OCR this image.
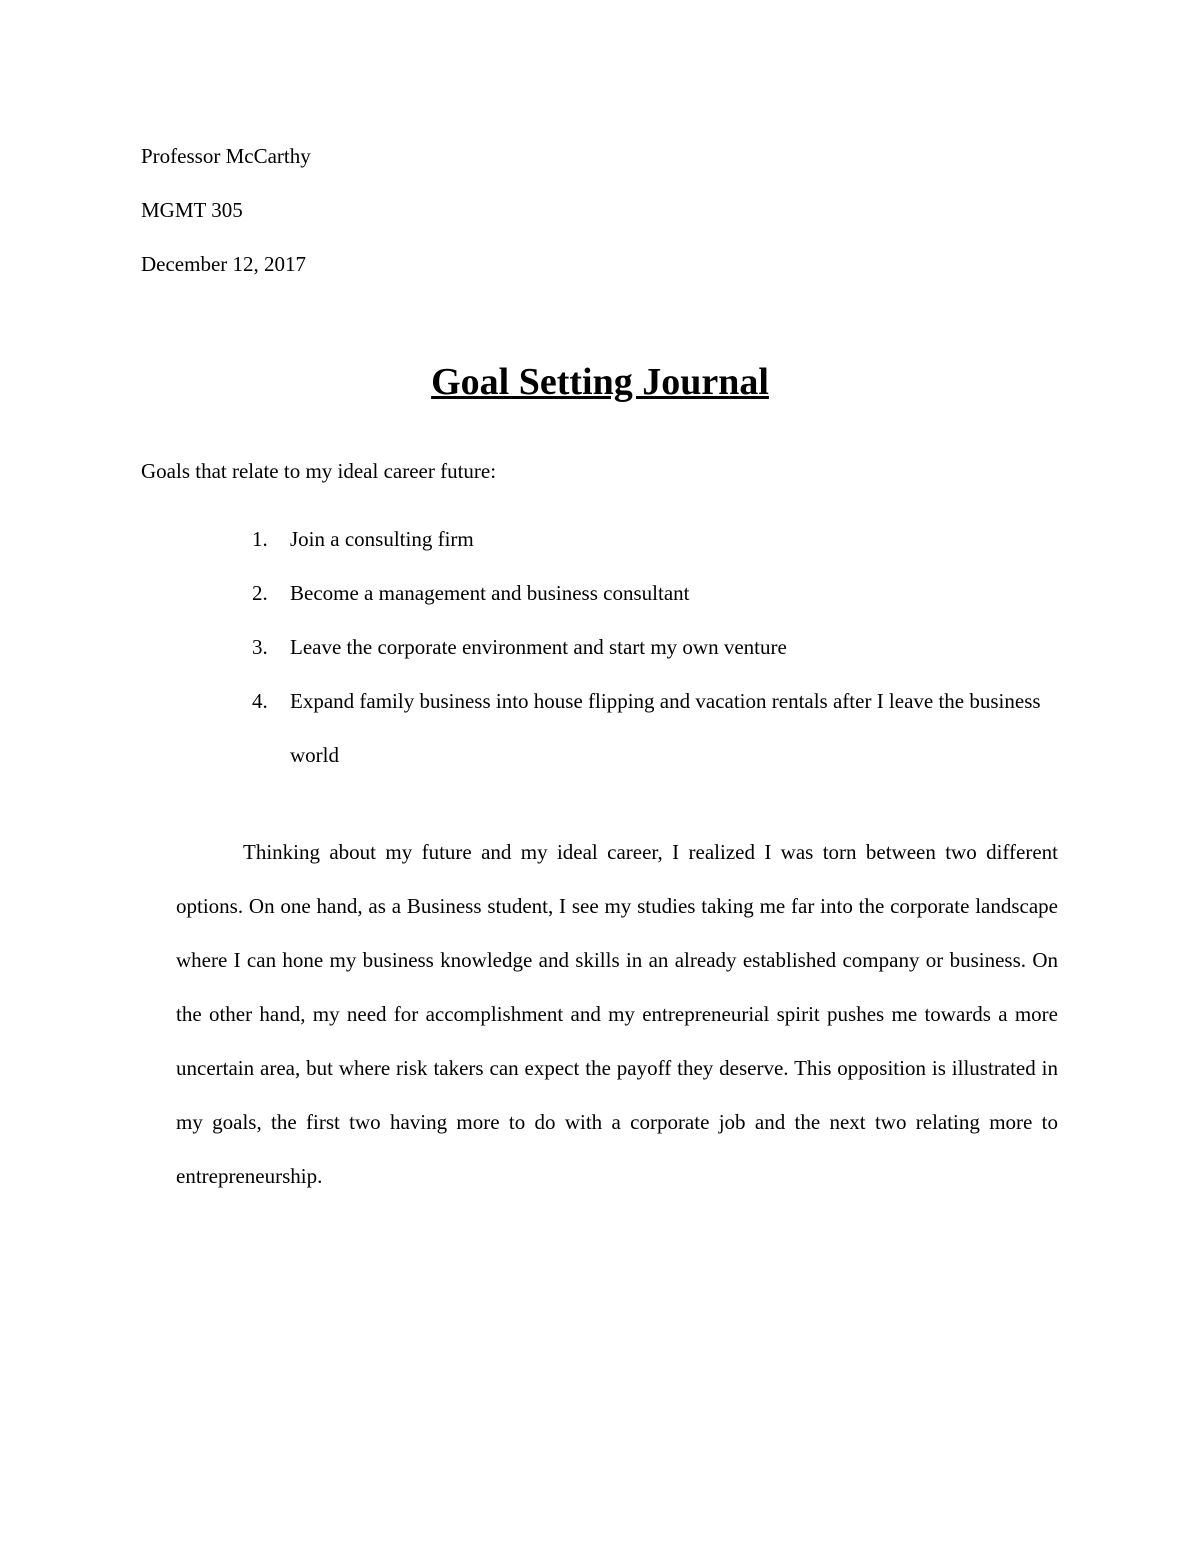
Professor McCarthy

MGMT 305

December 12, 2017

Goal Setting Journal

Goals that relate to my ideal career future:

1. Join a consulting firm
2. Become a management and business consultant
3. Leave the corporate environment and start my own venture
4. Expand family business into house flipping and vacation rentals after I leave the business world

Thinking about my future and my ideal career, I realized I was torn between two different options. On one hand, as a Business student, I see my studies taking me far into the corporate landscape where I can hone my business knowledge and skills in an already established company or business. On the other hand, my need for accomplishment and my entrepreneurial spirit pushes me towards a more uncertain area, but where risk takers can expect the payoff they deserve. This opposition is illustrated in my goals, the first two having more to do with a corporate job and the next two relating more to entrepreneurship.
